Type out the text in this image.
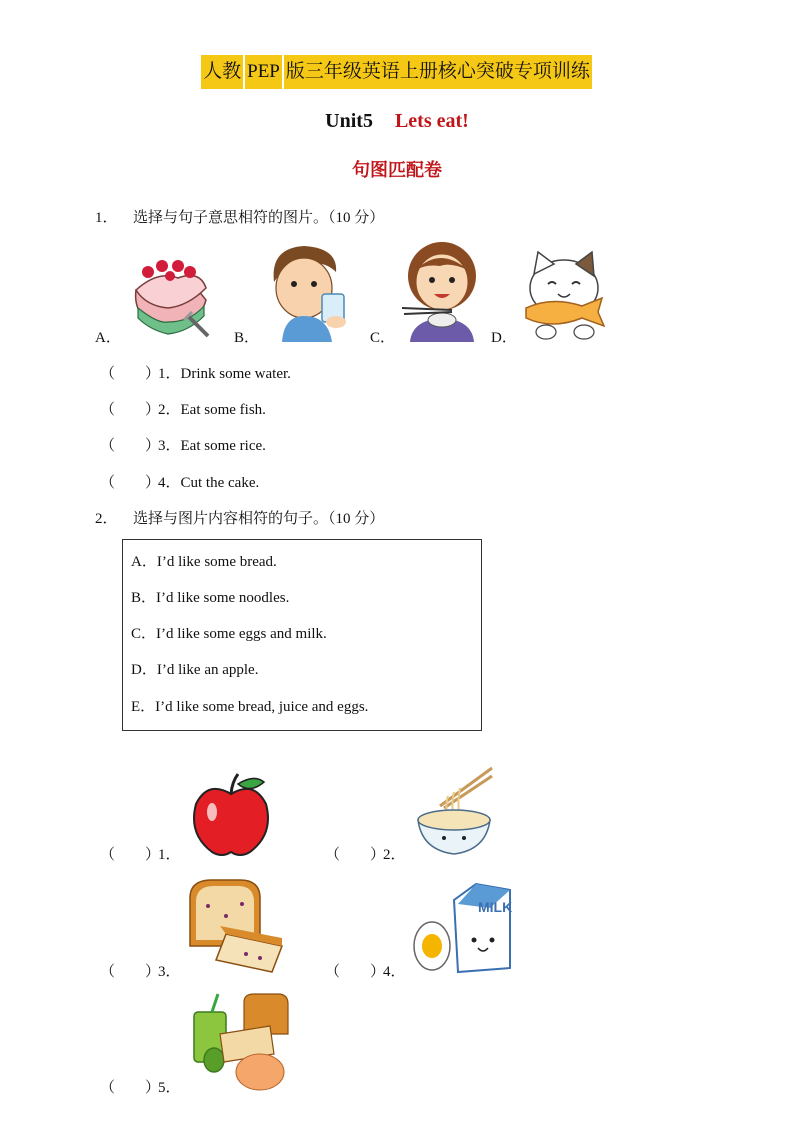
人教 PEP 版三年级英语上册核心突破专项训练
Unit5 Lets eat!
句图匹配卷
1． 选择与句子意思相符的图片。（10 分）
A．	B．	C．	D．
（　　）1．Drink some water.
（　　）2．Eat some fish.
（　　）3．Eat some rice.
（　　）4．Cut the cake.
2． 选择与图片内容相符的句子。（10 分）
A．I’d like some bread.
B．I’d like some noodles.
C．I’d like some eggs and milk.
D．I’d like an apple.
E．I’d like some bread, juice and eggs.
（　　）1．	（　　）2．
（　　）3．	（　　）4．
MILK
（　　）5．
